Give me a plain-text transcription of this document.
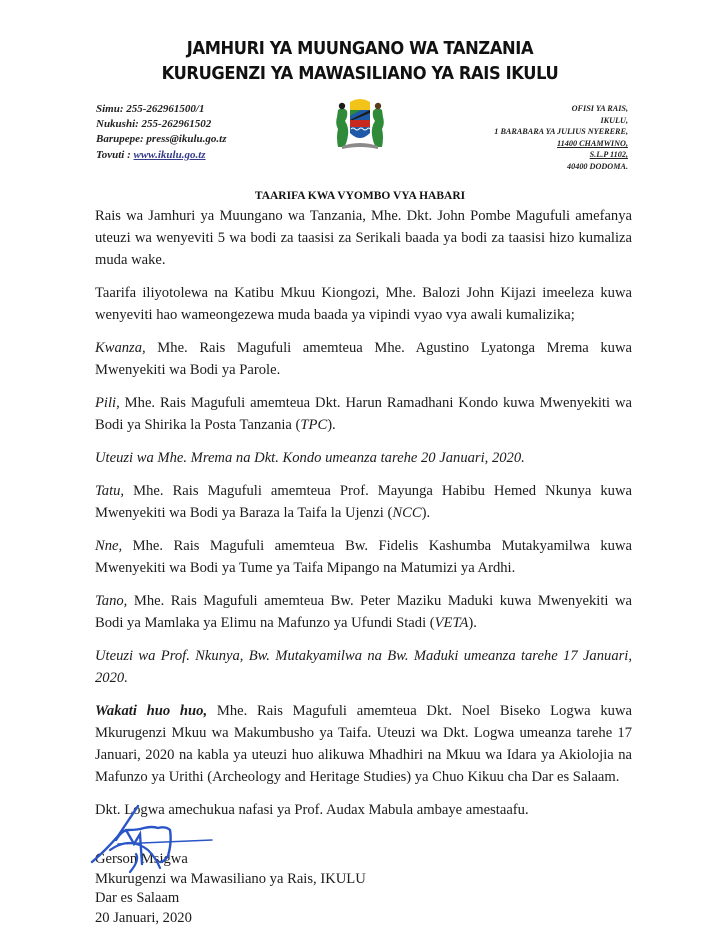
JAMHURI YA MUUNGANO WA TANZANIA
KURUGENZI YA MAWASILIANO YA RAIS IKULU
Simu: 255-262961500/1
Nukushi: 255-262961502
Barupepe: press@ikulu.go.tz
Tovuti : www.ikulu.go.tz
OFISI YA RAIS,
IKULU,
1 BARABARA YA JULIUS NYERERE,
11400 CHAMWINO,
S.L.P 1102,
40400 DODOMA.
TAARIFA KWA VYOMBO VYA HABARI

Rais wa Jamhuri ya Muungano wa Tanzania, Mhe. Dkt. John Pombe Magufuli amefanya uteuzi wa wenyeviti 5 wa bodi za taasisi za Serikali baada ya bodi za taasisi hizo kumaliza muda wake.

Taarifa iliyotolewa na Katibu Mkuu Kiongozi, Mhe. Balozi John Kijazi imeeleza kuwa wenyeviti hao wameongezewa muda baada ya vipindi vyao vya awali kumalizika;

Kwanza, Mhe. Rais Magufuli amemteua Mhe. Agustino Lyatonga Mrema kuwa Mwenyekiti wa Bodi ya Parole.

Pili, Mhe. Rais Magufuli amemteua Dkt. Harun Ramadhani Kondo kuwa Mwenyekiti wa Bodi ya Shirika la Posta Tanzania (TPC).

Uteuzi wa Mhe. Mrema na Dkt. Kondo umeanza tarehe 20 Januari, 2020.

Tatu, Mhe. Rais Magufuli amemteua Prof. Mayunga Habibu Hemed Nkunya kuwa Mwenyekiti wa Bodi ya Baraza la Taifa la Ujenzi (NCC).

Nne, Mhe. Rais Magufuli amemteua Bw. Fidelis Kashumba Mutakyamilwa kuwa Mwenyekiti wa Bodi ya Tume ya Taifa Mipango na Matumizi ya Ardhi.

Tano, Mhe. Rais Magufuli amemteua Bw. Peter Maziku Maduki kuwa Mwenyekiti wa Bodi ya Mamlaka ya Elimu na Mafunzo ya Ufundi Stadi (VETA).

Uteuzi wa Prof. Nkunya, Bw. Mutakyamilwa na Bw. Maduki umeanza tarehe 17 Januari, 2020.

Wakati huo huo, Mhe. Rais Magufuli amemteua Dkt. Noel Biseko Logwa kuwa Mkurugenzi Mkuu wa Makumbusho ya Taifa. Uteuzi wa Dkt. Logwa umeanza tarehe 17 Januari, 2020 na kabla ya uteuzi huo alikuwa Mhadhiri na Mkuu wa Idara ya Akiolojia na Mafunzo ya Urithi (Archeology and Heritage Studies) ya Chuo Kikuu cha Dar es Salaam.

Dkt. Logwa amechukua nafasi ya Prof. Audax Mabula ambaye amestaafu.

Gerson Msigwa
Mkurugenzi wa Mawasiliano ya Rais, IKULU
Dar es Salaam
20 Januari, 2020
